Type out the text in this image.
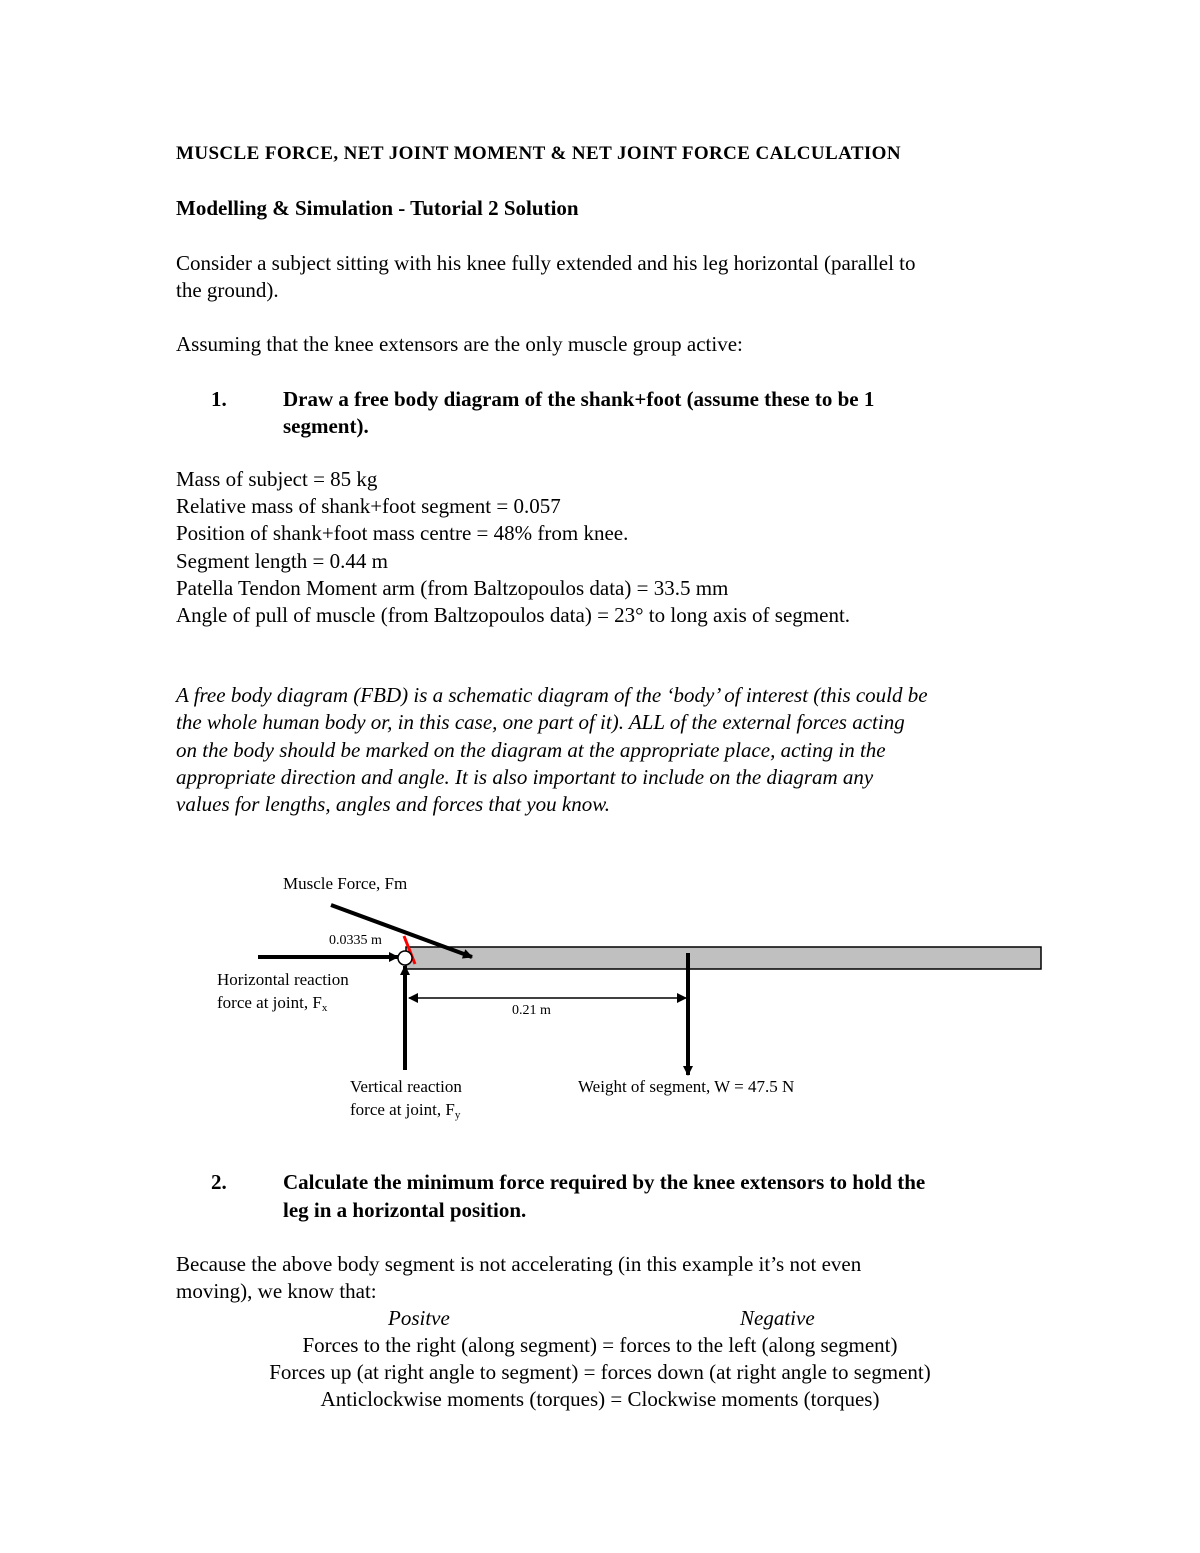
MUSCLE FORCE, NET JOINT MOMENT & NET JOINT FORCE CALCULATION
Modelling & Simulation - Tutorial 2 Solution
Consider a subject sitting with his knee fully extended and his leg horizontal (parallel to
the ground).
Assuming that the knee extensors are the only muscle group active:
1.	Draw a free body diagram of the shank+foot (assume these to be 1
segment).
Mass of subject = 85 kg
Relative mass of shank+foot segment = 0.057
Position of shank+foot mass centre = 48% from knee.
Segment length = 0.44 m
Patella Tendon Moment arm (from Baltzopoulos data) = 33.5 mm
Angle of pull of muscle (from Baltzopoulos data) = 23° to long axis of segment.
A free body diagram (FBD) is a schematic diagram of the ‘body’ of interest (this could be
the whole human body or, in this case, one part of it). ALL of the external forces acting
on the body should be marked on the diagram at the appropriate place, acting in the
appropriate direction and angle. It is also important to include on the diagram any
values for lengths, angles and forces that you know.
Muscle Force, Fm
0.0335 m
Horizontal reaction
force at joint, $F_x$	0.21 m
Vertical reaction
force at joint, $F_y$
Weight of segment, W = 47.5 N
2.	Calculate the minimum force required by the knee extensors to hold the
leg in a horizontal position.
Because the above body segment is not accelerating (in this example it’s not even
moving), we know that:
Positve	Negative
Forces to the right (along segment) = forces to the left (along segment)
Forces up (at right angle to segment) = forces down (at right angle to segment)
Anticlockwise moments (torques) = Clockwise moments (torques)
